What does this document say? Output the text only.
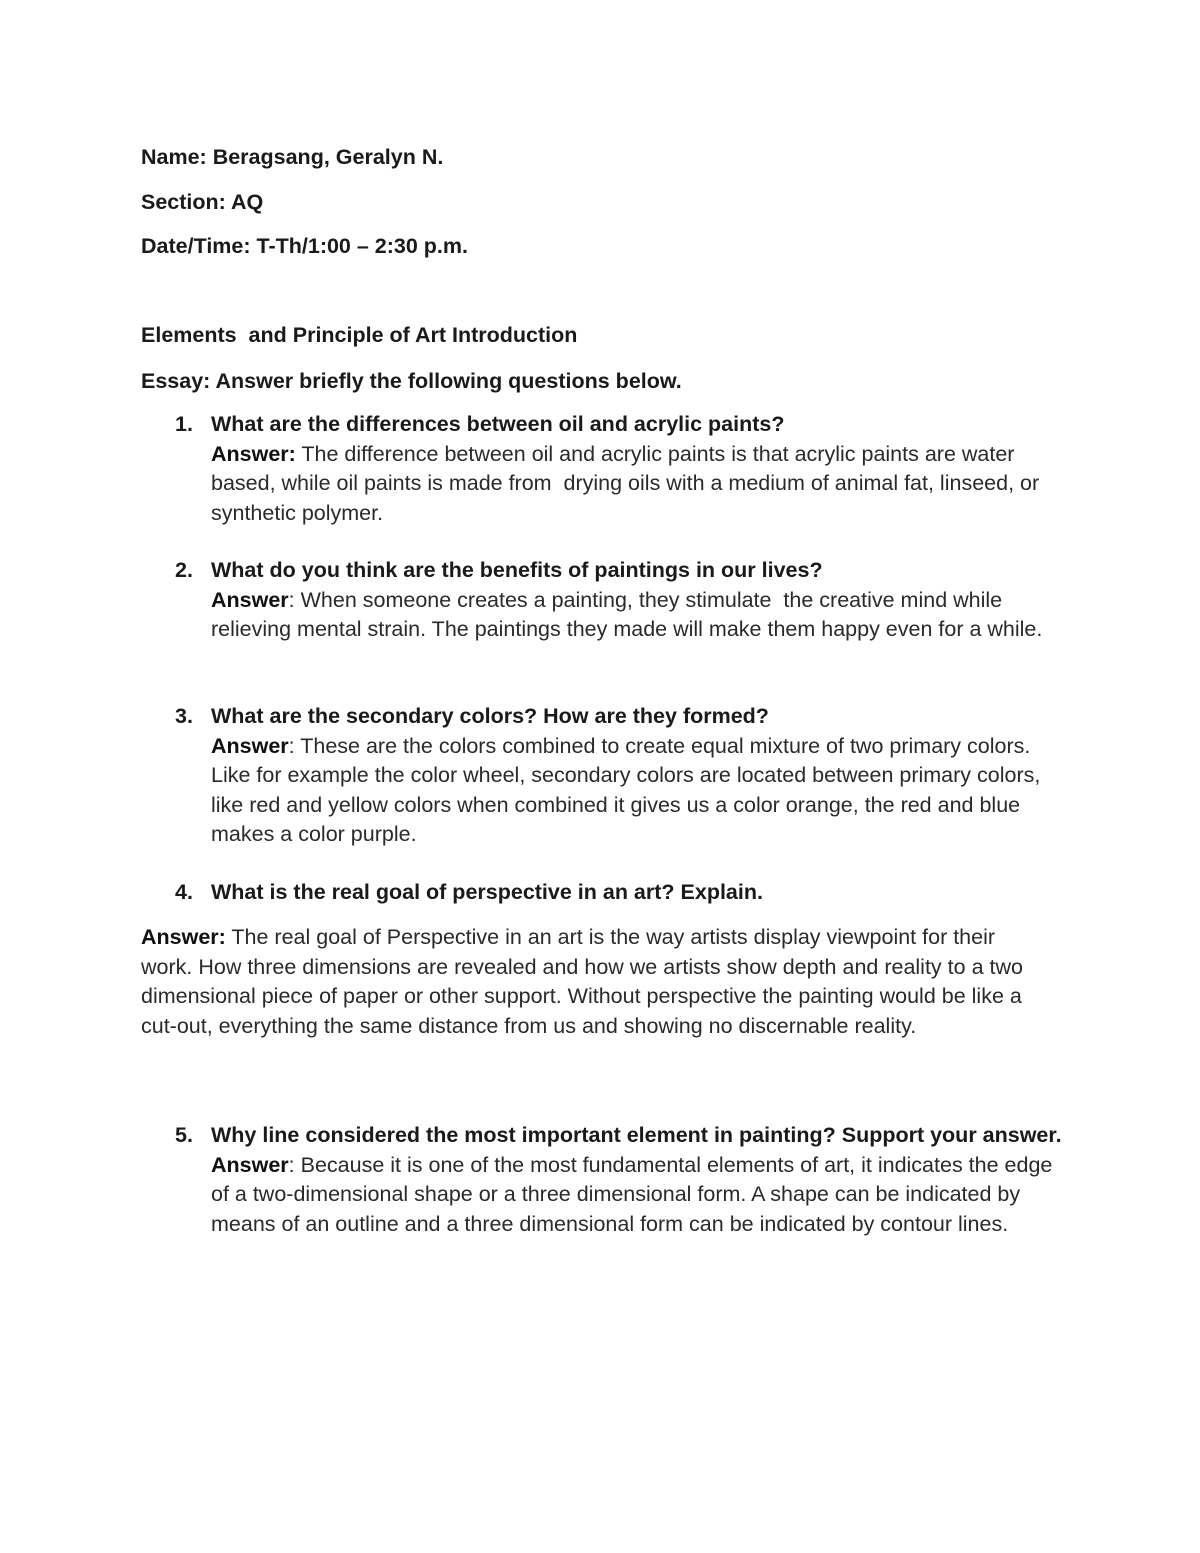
Name: Beragsang, Geralyn N.
Section: AQ
Date/Time: T-Th/1:00 – 2:30 p.m.
Elements  and Principle of Art Introduction
Essay: Answer briefly the following questions below.
1. What are the differences between oil and acrylic paints?
Answer: The difference between oil and acrylic paints is that acrylic paints are water based, while oil paints is made from  drying oils with a medium of animal fat, linseed, or synthetic polymer.
2. What do you think are the benefits of paintings in our lives?
Answer: When someone creates a painting, they stimulate  the creative mind while relieving mental strain. The paintings they made will make them happy even for a while.
3. What are the secondary colors? How are they formed?
Answer: These are the colors combined to create equal mixture of two primary colors. Like for example the color wheel, secondary colors are located between primary colors, like red and yellow colors when combined it gives us a color orange, the red and blue makes a color purple.
4. What is the real goal of perspective in an art? Explain.
Answer: The real goal of Perspective in an art is the way artists display viewpoint for their work. How three dimensions are revealed and how we artists show depth and reality to a two dimensional piece of paper or other support. Without perspective the painting would be like a cut-out, everything the same distance from us and showing no discernable reality.
5. Why line considered the most important element in painting? Support your answer.
Answer: Because it is one of the most fundamental elements of art, it indicates the edge of a two-dimensional shape or a three dimensional form. A shape can be indicated by means of an outline and a three dimensional form can be indicated by contour lines.
